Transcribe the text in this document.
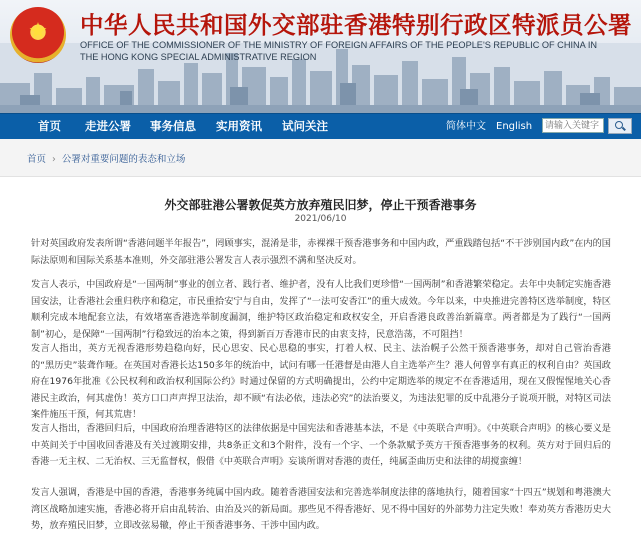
★	中华人民共和国外交部驻香港特别行政区特派员公署
OFFICE OF THE COMMISSIONER OF THE MINISTRY OF FOREIGN AFFAIRS OF THE PEOPLE'S REPUBLIC OF CHINA IN
THE HONG KONG SPECIAL ADMINISTRATIVE REGION
首页 走进公署 事务信息 实用资讯 试问关注	简体中文 English
请输入关键字
首页 › 公署对重要问题的表态和立场
外交部驻港公署敦促英方放弃殖民旧梦，停止干预香港事务
2021/06/10
针对英国政府发表所谓“香港问题半年报告”，罔顾事实，混淆是非，赤裸裸干预香港事务和中国内政，严重践踏包括“不干涉别国内政”在内的国际法原则和国际关系基本准则，外交部驻港公署发言人表示强烈不满和坚决反对。
发言人表示，中国政府是“一国两制”事业的创立者、践行者、维护者，没有人比我们更珍惜“一国两制”和香港繁荣稳定。去年中央制定实施香港国安法，让香港社会重归秩序和稳定，市民重拾安宁与自由，发挥了“一法可安香江”的重大成效。今年以来，中央推进完善特区选举制度，特区顺利完成本地配套立法，有效堵塞香港选举制度漏洞，维护特区政治稳定和政权安全，开启香港良政善治新篇章。两者都是为了践行“一国两制”初心，是保障“一国两制”行稳致远的治本之策，得到新百万香港市民的由衷支持，民意浩荡，不可阻挡！
发言人指出，英方无视香港形势趋稳向好，民心思安、民心思稳的事实，打着人权、民主、法治幌子公然干预香港事务，却对自己管治香港的“黑历史”装聋作哑。在英国对香港长达150多年的统治中，试问有哪一任港督是由港人自主选举产生？港人何曾享有真正的权利自由？英国政府在1976年批准《公民权利和政治权利国际公约》时通过保留的方式明确提出，公约中定期选举的规定不在香港适用，现在又假惺惺地关心香港民主政治，何其虚伪！英方口口声声捍卫法治，却不顾“有法必依，违法必究”的法治要义，为违法犯罪的反中乱港分子说项开脱，对特区司法案件施压干预，何其荒唐！
发言人指出，香港回归后，中国政府治理香港特区的法律依据是中国宪法和香港基本法，不是《中英联合声明》。《中英联合声明》的核心要义是中英间关于中国收回香港及有关过渡期安排，共8条正文和3个附件，没有一个字、一个条款赋予英方干预香港事务的权利。英方对于回归后的香港一无主权、二无治权、三无监督权，假借《中英联合声明》妄谈所谓对香港的责任，纯属歪曲历史和法律的胡搅蛮缠！
发言人强调，香港是中国的香港，香港事务纯属中国内政。随着香港国安法和完善选举制度法律的落地执行，随着国家“十四五”规划和粤港澳大湾区战略加速实施，香港必将开启由乱转治、由治及兴的新局面。那些见不得香港好、见不得中国好的外部势力注定失败！奉劝英方香港历史大势，放弃殖民旧梦，立即改弦易辙，停止干预香港事务、干涉中国内政。
